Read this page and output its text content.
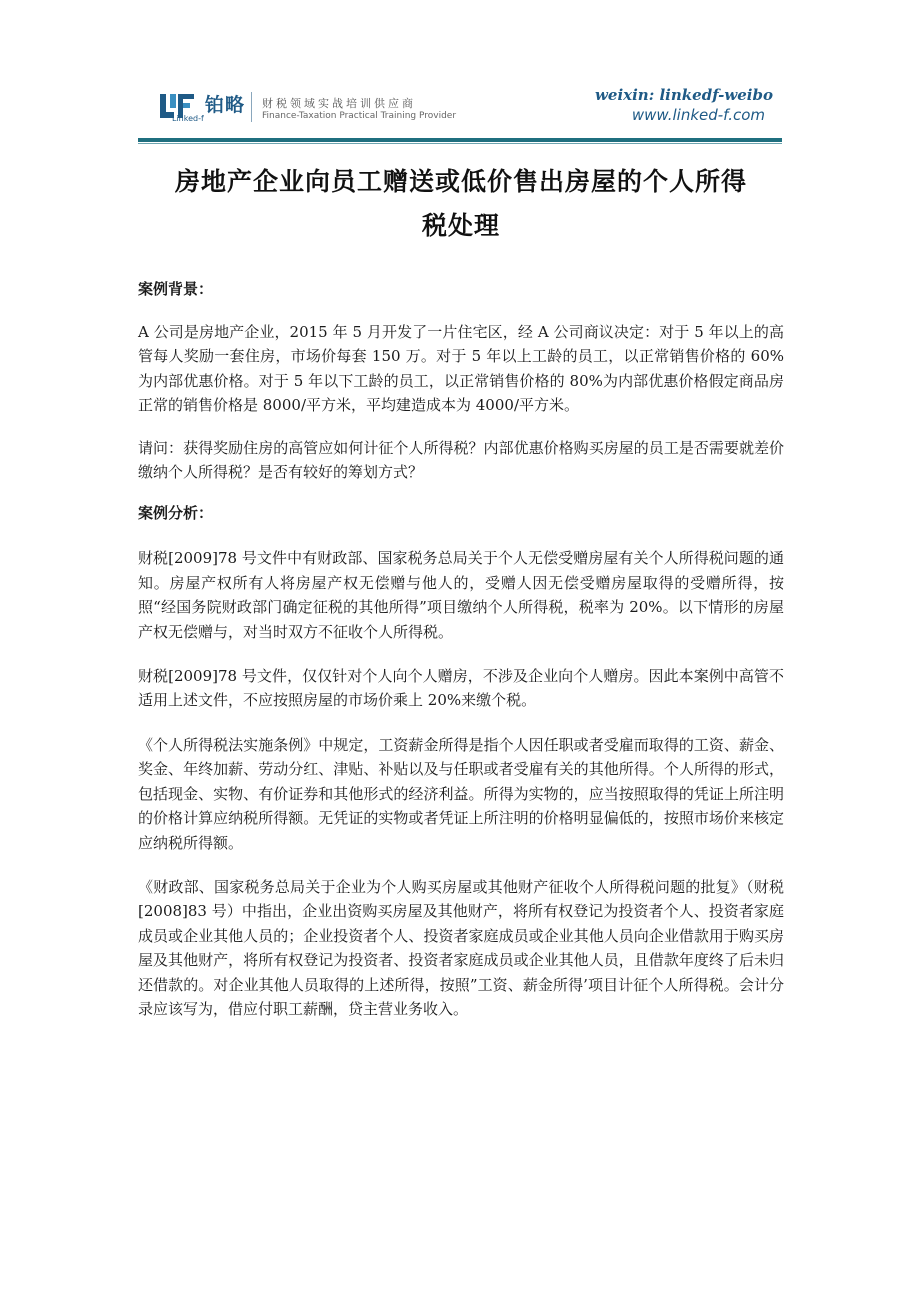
铂略
Linked-f
财税领域实战培训供应商
Finance-Taxation Practical Training Provider
weixin: linkedf-weibo
www.linked-f.com
房地产企业向员工赠送或低价售出房屋的个人所得
税处理

案例背景：

A 公司是房地产企业，2015 年 5 月开发了一片住宅区，经 A 公司商议决定：对于 5 年以上的高管每人奖励一套住房，市场价每套 150 万。对于 5 年以上工龄的员工，以正常销售价格的 60%为内部优惠价格。对于 5 年以下工龄的员工，以正常销售价格的 80%为内部优惠价格假定商品房正常的销售价格是 8000/平方米，平均建造成本为 4000/平方米。

请问：获得奖励住房的高管应如何计征个人所得税？内部优惠价格购买房屋的员工是否需要就差价缴纳个人所得税？是否有较好的筹划方式？

案例分析：

财税[2009]78 号文件中有财政部、国家税务总局关于个人无偿受赠房屋有关个人所得税问题的通知。房屋产权所有人将房屋产权无偿赠与他人的，受赠人因无偿受赠房屋取得的受赠所得，按照“经国务院财政部门确定征税的其他所得”项目缴纳个人所得税，税率为 20%。以下情形的房屋产权无偿赠与，对当时双方不征收个人所得税。

财税[2009]78 号文件，仅仅针对个人向个人赠房，不涉及企业向个人赠房。因此本案例中高管不适用上述文件，不应按照房屋的市场价乘上 20%来缴个税。

《个人所得税法实施条例》中规定，工资薪金所得是指个人因任职或者受雇而取得的工资、薪金、奖金、年终加薪、劳动分红、津贴、补贴以及与任职或者受雇有关的其他所得。个人所得的形式，包括现金、实物、有价证券和其他形式的经济利益。所得为实物的，应当按照取得的凭证上所注明的价格计算应纳税所得额。无凭证的实物或者凭证上所注明的价格明显偏低的，按照市场价来核定应纳税所得额。

《财政部、国家税务总局关于企业为个人购买房屋或其他财产征收个人所得税问题的批复》（财税[2008]83 号）中指出，企业出资购买房屋及其他财产，将所有权登记为投资者个人、投资者家庭成员或企业其他人员的；企业投资者个人、投资者家庭成员或企业其他人员向企业借款用于购买房屋及其他财产，将所有权登记为投资者、投资者家庭成员或企业其他人员，且借款年度终了后未归还借款的。对企业其他人员取得的上述所得，按照”工资、薪金所得’项目计征个人所得税。会计分录应该写为，借应付职工薪酬，贷主营业务收入。
